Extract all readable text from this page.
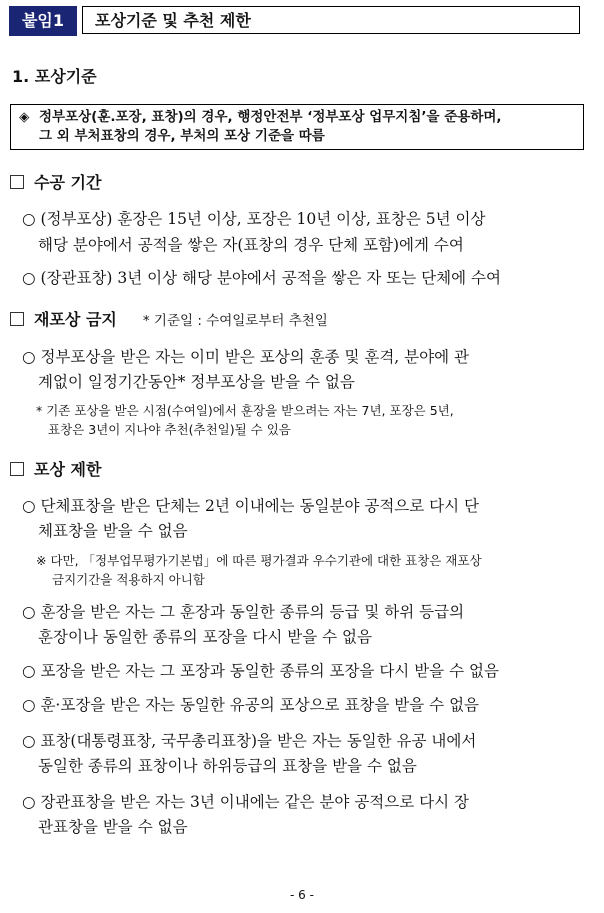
붙임1	포상기준 및 추천 제한
1. 포상기준
◈ 정부포상(훈.포장, 표창)의 경우, 행정안전부 ‘정부포상 업무지침’을 준용하며,
그 외 부처표창의 경우, 부처의 포상 기준을 따름
수공 기간
○ (정부포상) 훈장은 15년 이상, 포장은 10년 이상, 표창은 5년 이상
해당 분야에서 공적을 쌓은 자(표창의 경우 단체 포함)에게 수여
○ (장관표창) 3년 이상 해당 분야에서 공적을 쌓은 자 또는 단체에 수여
재포상 금지 * 기준일 : 수여일로부터 추천일
○ 정부포상을 받은 자는 이미 받은 포상의 훈종 및 훈격, 분야에 관
계없이 일정기간동안* 정부포상을 받을 수 없음
* 기존 포상을 받은 시점(수여일)에서 훈장을 받으려는 자는 7년, 포장은 5년,
표창은 3년이 지나야 추천(추천일)될 수 있음
포상 제한
○ 단체표창을 받은 단체는 2년 이내에는 동일분야 공적으로 다시 단
체표창을 받을 수 없음
※ 다만, 「정부업무평가기본법」에 따른 평가결과 우수기관에 대한 표창은 재포상
금지기간을 적용하지 아니함
○ 훈장을 받은 자는 그 훈장과 동일한 종류의 등급 및 하위 등급의
훈장이나 동일한 종류의 포장을 다시 받을 수 없음
○ 포장을 받은 자는 그 포장과 동일한 종류의 포장을 다시 받을 수 없음
○ 훈·포장을 받은 자는 동일한 유공의 포상으로 표창을 받을 수 없음
○ 표창(대통령표창, 국무총리표창)을 받은 자는 동일한 유공 내에서
동일한 종류의 표창이나 하위등급의 표창을 받을 수 없음
○ 장관표창을 받은 자는 3년 이내에는 같은 분야 공적으로 다시 장
관표창을 받을 수 없음
- 6 -
